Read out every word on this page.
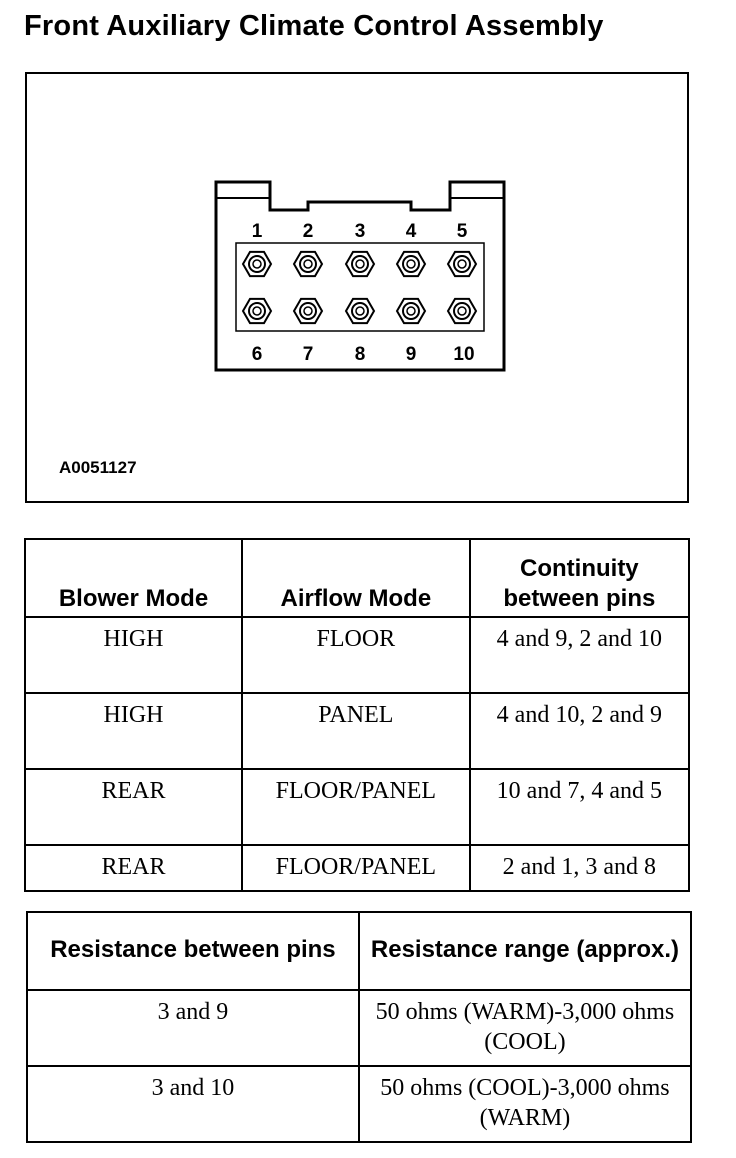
Front Auxiliary Climate Control Assembly
1 2 3 4 5
6 7 8 9 10
A0051127
Blower Mode	Airflow Mode	Continuity between pins
HIGH	FLOOR	4 and 9, 2 and 10
HIGH	PANEL	4 and 10, 2 and 9
REAR	FLOOR/PANEL	10 and 7, 4 and 5
REAR	FLOOR/PANEL	2 and 1, 3 and 8
Resistance between pins	Resistance range (approx.)
3 and 9	50 ohms (WARM)-3,000 ohms (COOL)
3 and 10	50 ohms (COOL)-3,000 ohms (WARM)
